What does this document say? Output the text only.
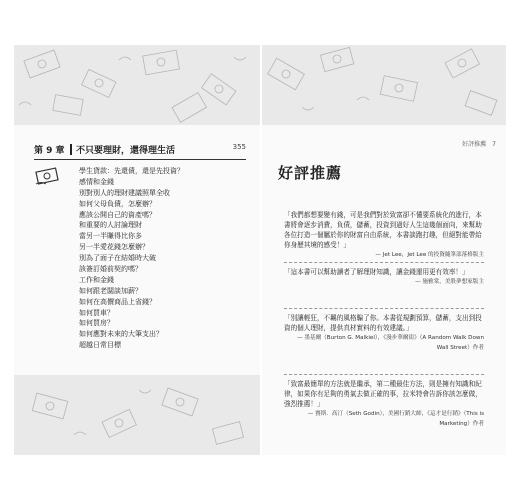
第 9 章 不只要理財，還得理生活	355
學生貸款：先還債，還是先投資？
感情和金錢
別對別人的理財建議照單全收
如何父母負債，怎麼辦？
應該公開自己的資產嗎？
和重要的人討論理財
當另一半賺得比你多
另一半愛花錢怎麼辦？
別為了面子在結婚時大破
該簽訂婚前契約嗎？
工作和金錢
如何跟老闆談加薪？
如何在高價商品上省錢？
如何買車？
如何買房？
如何應對未來的大筆支出？
超越日常目標
好評推薦　7
好評推薦

「我們都想要變有錢，可是我們對於致富卻不懂要系統化的進行，本書將會逐步消費，負債，儲蓄，投資到過好人生這幾個面向，來幫助各位打造一個屬於你的財富自由系統，本書談跑打趣，但絕對能帶給你身歷其境的感受！」

— Jet Lee，Jet Lee 的投資隨筆部落格版主

「這本書可以幫助讀者了解理財知識，讓金錢運用更有效率！」

— 施雅棠，美股夢想家版主

「別讓輕狂，不羈的風格騙了你。本書從規劃預算，儲蓄，支出到投資的個人理財，提供真材實料的有效建議。」

— 墨基爾（Burton G. Malkiel），《漫步華爾街》（A Random Walk Down Wall Street）作者

「致富最簡單的方法就是繼承，第二種最佳方法，則是擁有知識和紀律，如果你有足夠的勇氣去做正確的事，拉米特會告訴你該怎麼做，強烈推薦！」

— 賽斯．高汀（Seth Godin），美國行銷大師，《這才是行銷》（This is Marketing）作者
